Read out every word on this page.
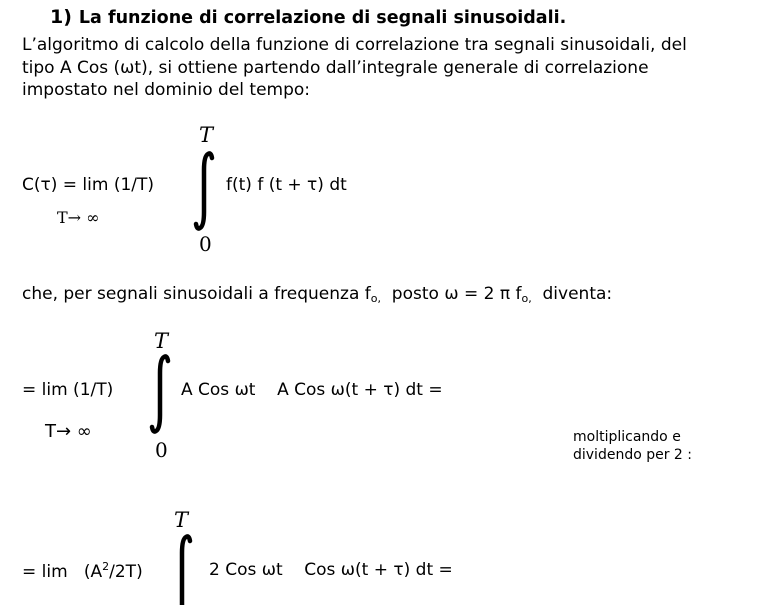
1) La funzione di correlazione di segnali sinusoidali.
L’algoritmo di calcolo della funzione di correlazione tra segnali sinusoidali, del
tipo A Cos (ωt), si ottiene partendo dall’integrale generale di correlazione
impostato nel dominio del tempo:
T
C(τ) = lim (1/T)	f(t) f (t + τ) dt
T→ ∞
0
che, per segnali sinusoidali a frequenza $f_{o,}$  posto ω = 2 π $f_{o,}$  diventa:
T
= lim (1/T)	A Cos ωt    A Cos ω(t + τ) dt =
T→ ∞
0
moltiplicando e
dividendo per 2 :
T
= $\lim (A^2/2T)$	2 Cos ωt    Cos ω(t + τ) dt =
